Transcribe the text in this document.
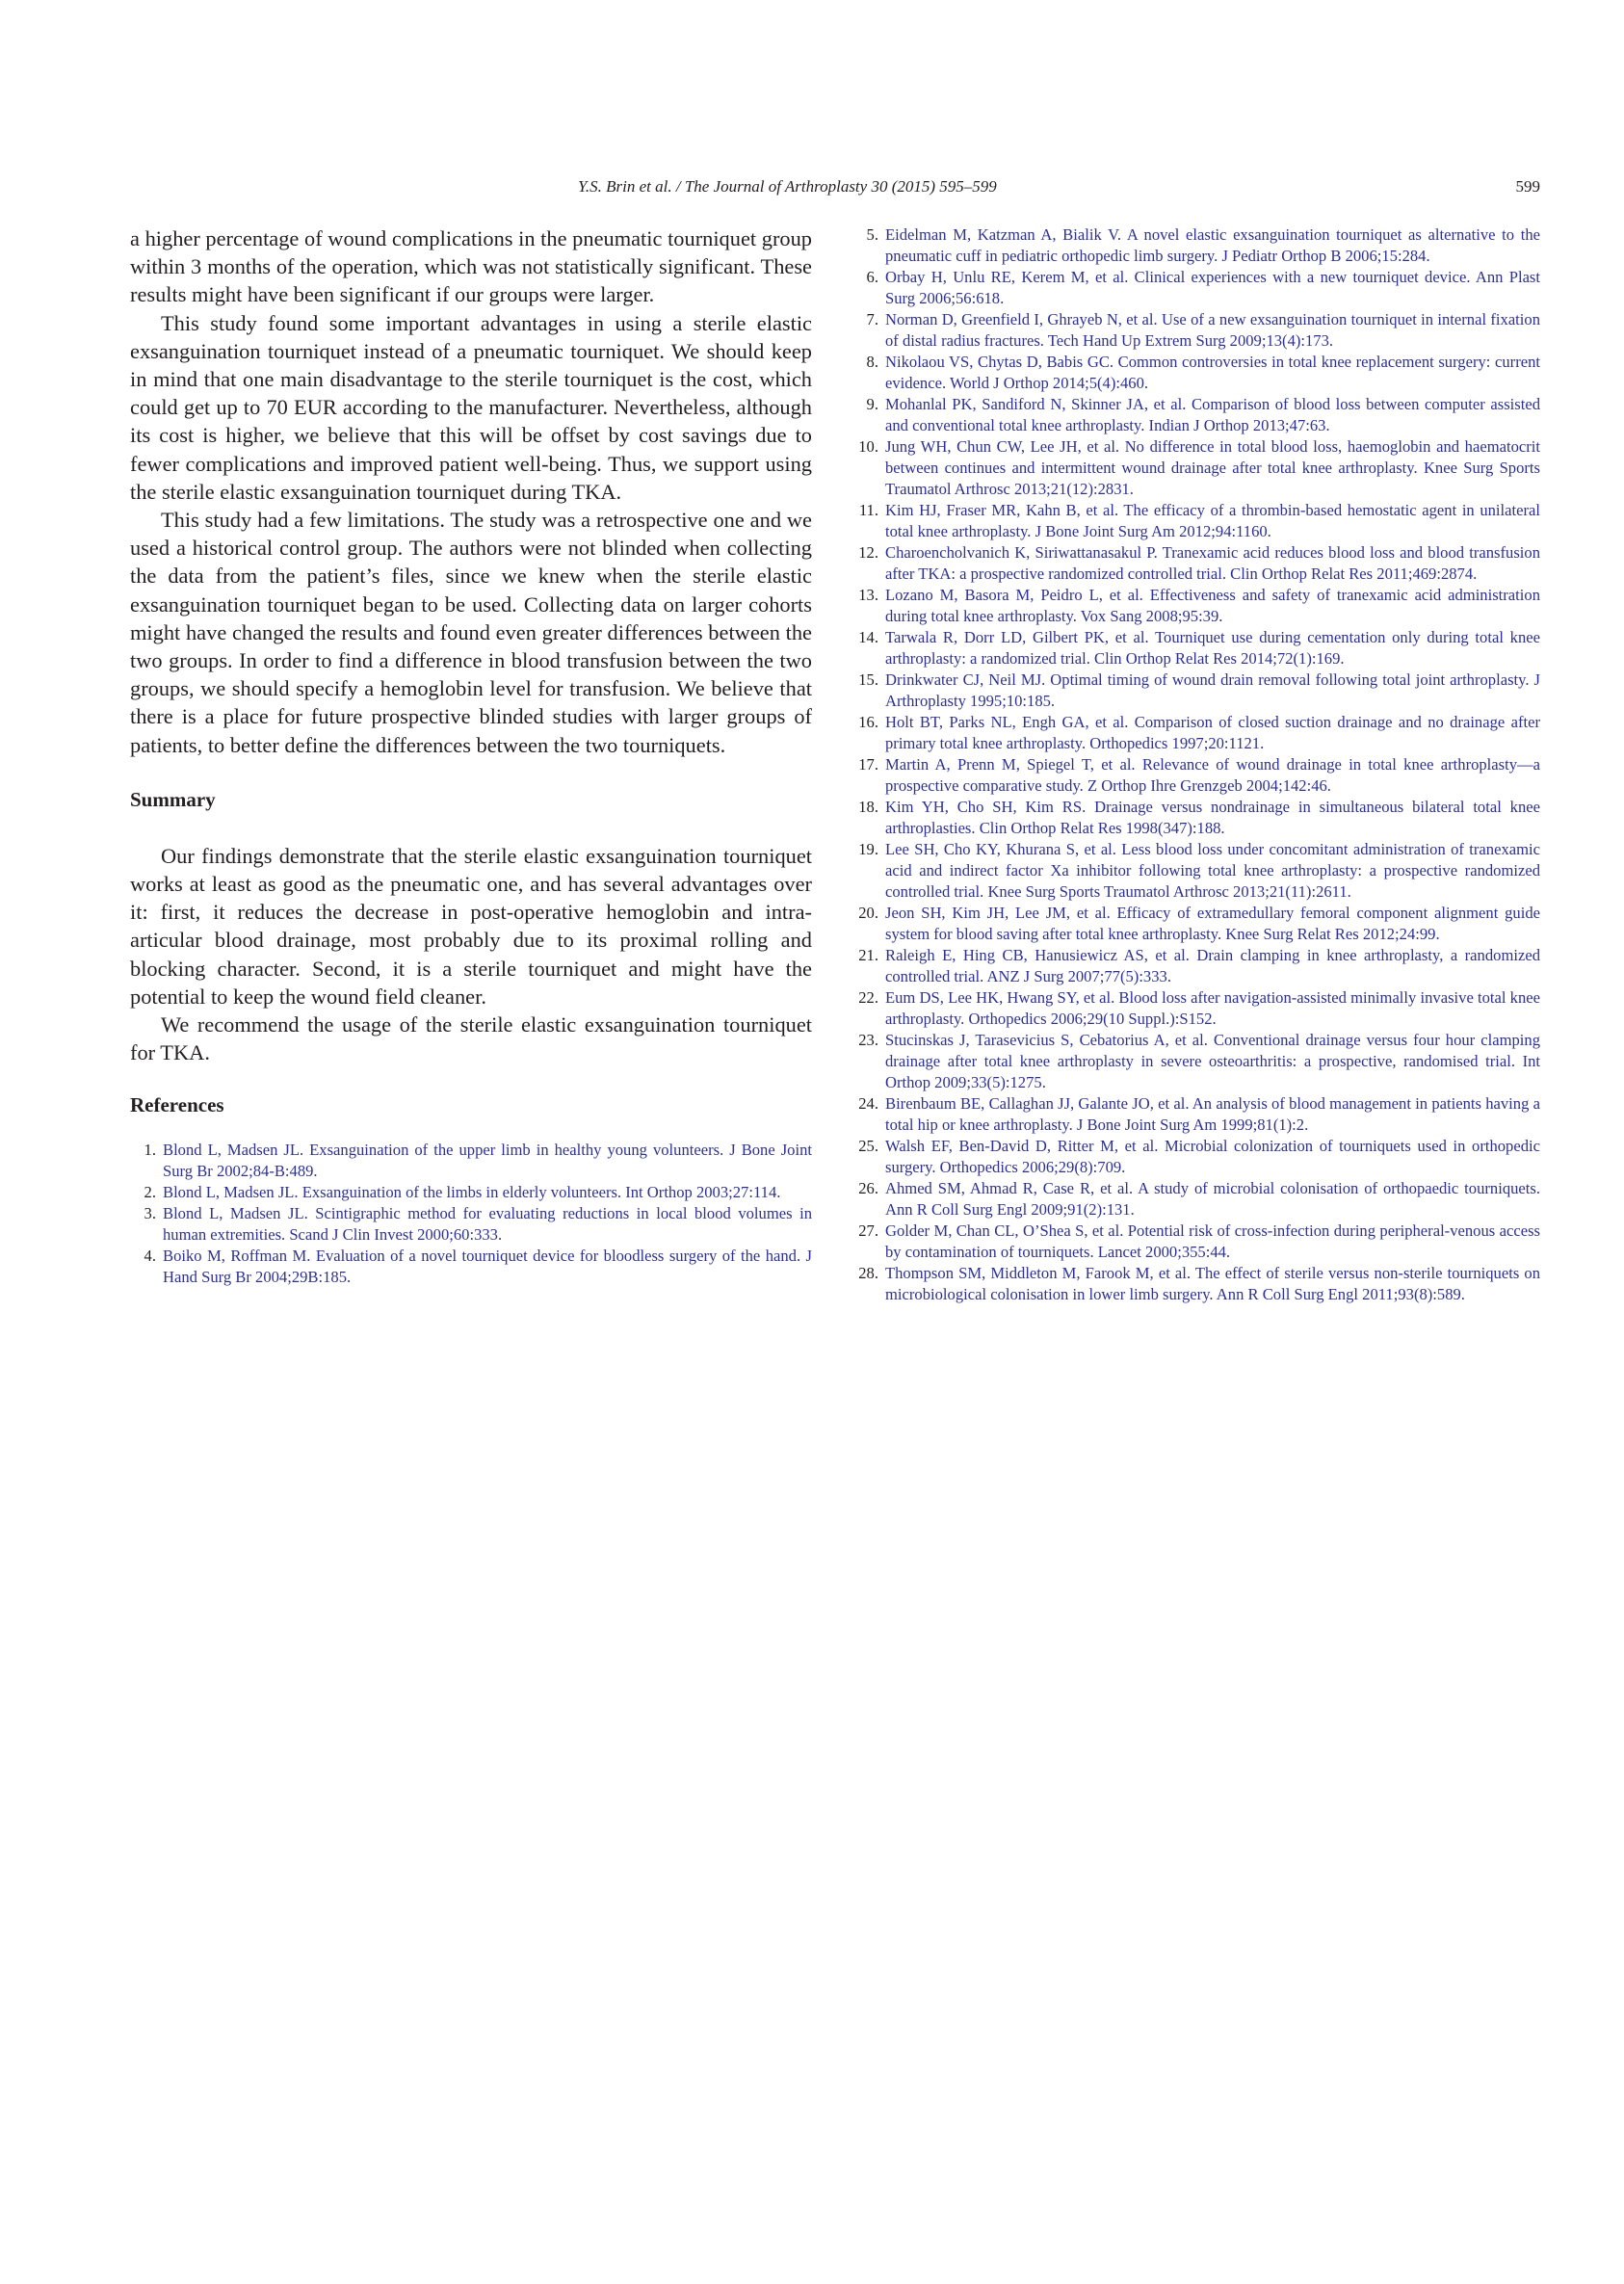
Y.S. Brin et al. / The Journal of Arthroplasty 30 (2015) 595–599	599

a higher percentage of wound complications in the pneumatic tourniquet group within 3 months of the operation, which was not statistically significant. These results might have been significant if our groups were larger.

This study found some important advantages in using a sterile elastic exsanguination tourniquet instead of a pneumatic tourniquet. We should keep in mind that one main disadvantage to the sterile tourniquet is the cost, which could get up to 70 EUR according to the manufacturer. Nevertheless, although its cost is higher, we believe that this will be offset by cost savings due to fewer complications and improved patient well-being. Thus, we support using the sterile elastic exsanguination tourniquet during TKA.

This study had a few limitations. The study was a retrospective one and we used a historical control group. The authors were not blinded when collecting the data from the patient’s files, since we knew when the sterile elastic exsanguination tourniquet began to be used. Collecting data on larger cohorts might have changed the results and found even greater differences between the two groups. In order to find a difference in blood transfusion between the two groups, we should specify a hemoglobin level for transfusion. We believe that there is a place for future prospective blinded studies with larger groups of patients, to better define the differences between the two tourniquets.

Summary

Our findings demonstrate that the sterile elastic exsanguination tourniquet works at least as good as the pneumatic one, and has several advantages over it: first, it reduces the decrease in post-operative hemoglobin and intra-articular blood drainage, most probably due to its proximal rolling and blocking character. Second, it is a sterile tourniquet and might have the potential to keep the wound field cleaner.

We recommend the usage of the sterile elastic exsanguination tourniquet for TKA.

References
1. Blond L, Madsen JL. Exsanguination of the upper limb in healthy young volunteers. J Bone Joint Surg Br 2002;84-B:489.
2. Blond L, Madsen JL. Exsanguination of the limbs in elderly volunteers. Int Orthop 2003;27:114.
3. Blond L, Madsen JL. Scintigraphic method for evaluating reductions in local blood volumes in human extremities. Scand J Clin Invest 2000;60:333.
4. Boiko M, Roffman M. Evaluation of a novel tourniquet device for bloodless surgery of the hand. J Hand Surg Br 2004;29B:185.
5. Eidelman M, Katzman A, Bialik V. A novel elastic exsanguination tourniquet as alternative to the pneumatic cuff in pediatric orthopedic limb surgery. J Pediatr Orthop B 2006;15:284.
6. Orbay H, Unlu RE, Kerem M, et al. Clinical experiences with a new tourniquet device. Ann Plast Surg 2006;56:618.
7. Norman D, Greenfield I, Ghrayeb N, et al. Use of a new exsanguination tourniquet in internal fixation of distal radius fractures. Tech Hand Up Extrem Surg 2009;13(4):173.
8. Nikolaou VS, Chytas D, Babis GC. Common controversies in total knee replacement surgery: current evidence. World J Orthop 2014;5(4):460.
9. Mohanlal PK, Sandiford N, Skinner JA, et al. Comparison of blood loss between computer assisted and conventional total knee arthroplasty. Indian J Orthop 2013;47:63.
10. Jung WH, Chun CW, Lee JH, et al. No difference in total blood loss, haemoglobin and haematocrit between continues and intermittent wound drainage after total knee arthroplasty. Knee Surg Sports Traumatol Arthrosc 2013;21(12):2831.
11. Kim HJ, Fraser MR, Kahn B, et al. The efficacy of a thrombin-based hemostatic agent in unilateral total knee arthroplasty. J Bone Joint Surg Am 2012;94:1160.
12. Charoencholvanich K, Siriwattanasakul P. Tranexamic acid reduces blood loss and blood transfusion after TKA: a prospective randomized controlled trial. Clin Orthop Relat Res 2011;469:2874.
13. Lozano M, Basora M, Peidro L, et al. Effectiveness and safety of tranexamic acid administration during total knee arthroplasty. Vox Sang 2008;95:39.
14. Tarwala R, Dorr LD, Gilbert PK, et al. Tourniquet use during cementation only during total knee arthroplasty: a randomized trial. Clin Orthop Relat Res 2014;72(1):169.
15. Drinkwater CJ, Neil MJ. Optimal timing of wound drain removal following total joint arthroplasty. J Arthroplasty 1995;10:185.
16. Holt BT, Parks NL, Engh GA, et al. Comparison of closed suction drainage and no drainage after primary total knee arthroplasty. Orthopedics 1997;20:1121.
17. Martin A, Prenn M, Spiegel T, et al. Relevance of wound drainage in total knee arthroplasty—a prospective comparative study. Z Orthop Ihre Grenzgeb 2004;142:46.
18. Kim YH, Cho SH, Kim RS. Drainage versus nondrainage in simultaneous bilateral total knee arthroplasties. Clin Orthop Relat Res 1998(347):188.
19. Lee SH, Cho KY, Khurana S, et al. Less blood loss under concomitant administration of tranexamic acid and indirect factor Xa inhibitor following total knee arthroplasty: a prospective randomized controlled trial. Knee Surg Sports Traumatol Arthrosc 2013;21(11):2611.
20. Jeon SH, Kim JH, Lee JM, et al. Efficacy of extramedullary femoral component alignment guide system for blood saving after total knee arthroplasty. Knee Surg Relat Res 2012;24:99.
21. Raleigh E, Hing CB, Hanusiewicz AS, et al. Drain clamping in knee arthroplasty, a randomized controlled trial. ANZ J Surg 2007;77(5):333.
22. Eum DS, Lee HK, Hwang SY, et al. Blood loss after navigation-assisted minimally invasive total knee arthroplasty. Orthopedics 2006;29(10 Suppl.):S152.
23. Stucinskas J, Tarasevicius S, Cebatorius A, et al. Conventional drainage versus four hour clamping drainage after total knee arthroplasty in severe osteoarthritis: a prospective, randomised trial. Int Orthop 2009;33(5):1275.
24. Birenbaum BE, Callaghan JJ, Galante JO, et al. An analysis of blood management in patients having a total hip or knee arthroplasty. J Bone Joint Surg Am 1999;81(1):2.
25. Walsh EF, Ben-David D, Ritter M, et al. Microbial colonization of tourniquets used in orthopedic surgery. Orthopedics 2006;29(8):709.
26. Ahmed SM, Ahmad R, Case R, et al. A study of microbial colonisation of orthopaedic tourniquets. Ann R Coll Surg Engl 2009;91(2):131.
27. Golder M, Chan CL, O’Shea S, et al. Potential risk of cross-infection during peripheral-venous access by contamination of tourniquets. Lancet 2000;355:44.
28. Thompson SM, Middleton M, Farook M, et al. The effect of sterile versus non-sterile tourniquets on microbiological colonisation in lower limb surgery. Ann R Coll Surg Engl 2011;93(8):589.
